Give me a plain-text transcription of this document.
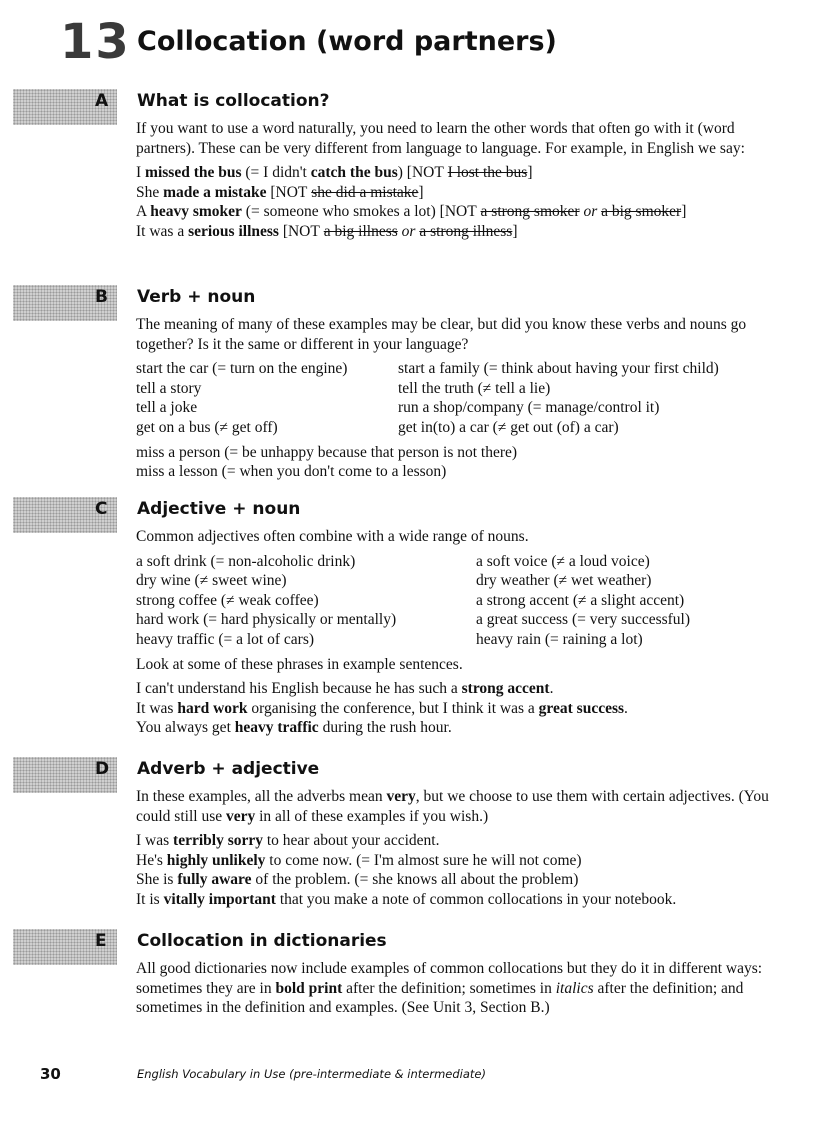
13 Collocation (word partners)
A What is collocation?

If you want to use a word naturally, you need to learn the other words that often go with it (word partners). These can be very different from language to language. For example, in English we say:

I missed the bus (= I didn't catch the bus) [NOT I lost the bus]

She made a mistake [NOT she did a mistake]

A heavy smoker (= someone who smokes a lot) [NOT a strong smoker or a big smoker]

It was a serious illness [NOT a big illness or a strong illness]

B Verb + noun

The meaning of many of these examples may be clear, but did you know these verbs and nouns go together? Is it the same or different in your language?

start the car (= turn on the engine)	start a family (= think about having your first child)
tell a story	tell the truth (≠ tell a lie)
tell a joke	run a shop/company (= manage/control it)
get on a bus (≠ get off)	get in(to) a car (≠ get out (of) a car)

miss a person (= be unhappy because that person is not there)

miss a lesson (= when you don't come to a lesson)

C Adjective + noun

Common adjectives often combine with a wide range of nouns.

a soft drink (= non-alcoholic drink)	a soft voice (≠ a loud voice)
dry wine (≠ sweet wine)	dry weather (≠ wet weather)
strong coffee (≠ weak coffee)	a strong accent (≠ a slight accent)
hard work (= hard physically or mentally)	a great success (= very successful)
heavy traffic (= a lot of cars)	heavy rain (= raining a lot)

Look at some of these phrases in example sentences.

I can't understand his English because he has such a strong accent.

It was hard work organising the conference, but I think it was a great success.

You always get heavy traffic during the rush hour.

D Adverb + adjective

In these examples, all the adverbs mean very, but we choose to use them with certain adjectives. (You could still use very in all of these examples if you wish.)

I was terribly sorry to hear about your accident.

He's highly unlikely to come now. (= I'm almost sure he will not come)

She is fully aware of the problem. (= she knows all about the problem)

It is vitally important that you make a note of common collocations in your notebook.

E Collocation in dictionaries

All good dictionaries now include examples of common collocations but they do it in different ways: sometimes they are in bold print after the definition; sometimes in italics after the definition; and sometimes in the definition and examples. (See Unit 3, Section B.)

30	English Vocabulary in Use (pre-intermediate & intermediate)
